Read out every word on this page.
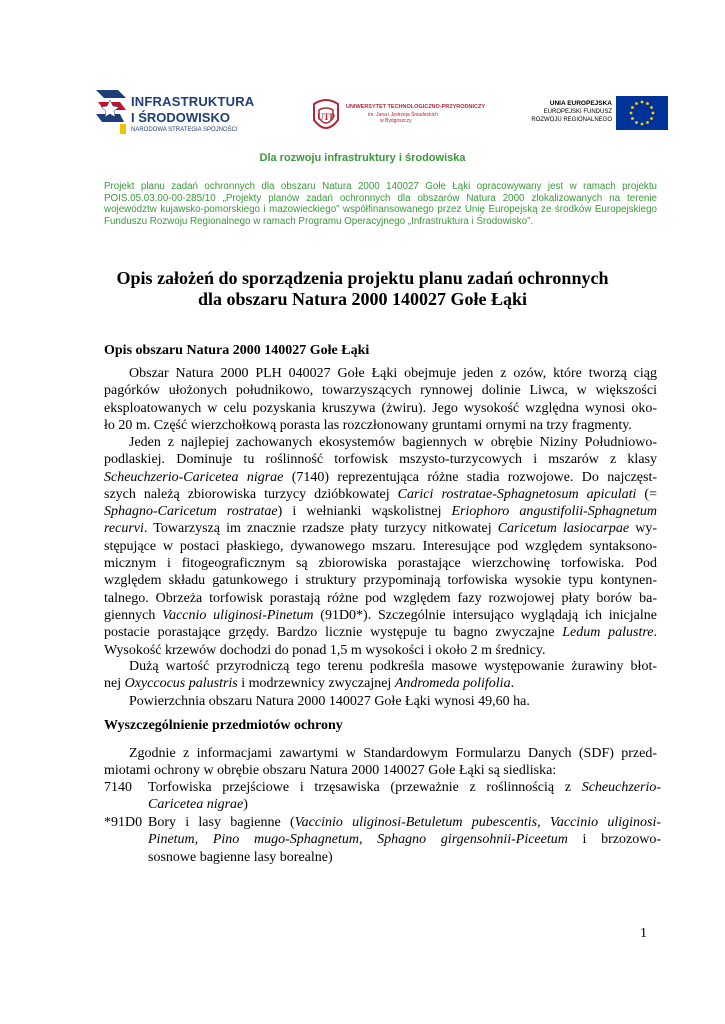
INFRASTRUKTURA
I ŚRODOWISKO
NARODOWA STRATEGIA SPÓJNOŚCI
UTP
UNIWERSYTET TECHNOLOGICZNO-PRZYRODNICZY
im. Jana i Jędrzeja Śniadeckich
w Bydgoszczy
UNIA EUROPEJSKA
EUROPEJSKI FUNDUSZ
ROZWOJU REGIONALNEGO
Dla rozwoju infrastruktury i środowiska
Projekt planu zadań ochronnych dla obszaru Natura 2000 140027 Gołe Łąki opracowywany jest w ramach projektu
POIS.05.03.00-00-285/10 „Projekty planów zadań ochronnych dla obszarów Natura 2000 zlokalizowanych na terenie
województw kujawsko-pomorskiego i mazowieckiego” współfinansowanego przez Unię Europejską ze środków Europejskiego
Funduszu Rozwoju Regionalnego w ramach Programu Operacyjnego „Infrastruktura i Środowisko”.
Opis założeń do sporządzenia projektu planu zadań ochronnych
dla obszaru Natura 2000 140027 Gołe Łąki
Opis obszaru Natura 2000 140027 Gołe Łąki
Obszar Natura 2000 PLH 040027 Gołe Łąki obejmuje jeden z ozów, które tworzą ciąg
pagórków ułożonych południkowo, towarzyszących rynnowej dolinie Liwca, w większości
eksploatowanych w celu pozyskania kruszywa (żwiru). Jego wysokość względna wynosi oko-
ło 20 m. Część wierzchołkową porasta las rozczłonowany gruntami ornymi na trzy fragmenty.
Jeden z najlepiej zachowanych ekosystemów bagiennych w obrębie Niziny Południowo-
podlaskiej. Dominuje tu roślinność torfowisk mszysto-turzycowych i mszarów z klasy
Scheuchzerio-Caricetea nigrae (7140) reprezentująca różne stadia rozwojowe. Do najczęst-
szych należą zbiorowiska turzycy dzióbkowatej Carici rostratae-Sphagnetosum apiculati (=
Sphagno-Caricetum rostratae) i wełnianki wąskolistnej Eriophoro angustifolii-Sphagnetum
recurvi. Towarzyszą im znacznie rzadsze płaty turzycy nitkowatej Caricetum lasiocarpae wy-
stępujące w postaci płaskiego, dywanowego mszaru. Interesujące pod względem syntaksono-
micznym i fitogeograficznym są zbiorowiska porastające wierzchowinę torfowiska. Pod
względem składu gatunkowego i struktury przypominają torfowiska wysokie typu kontynen-
talnego. Obrzeża torfowisk porastają różne pod względem fazy rozwojowej płaty borów ba-
giennych Vaccnio uliginosi-Pinetum (91D0*). Szczególnie intersująco wyglądają ich inicjalne
postacie porastające grzędy. Bardzo licznie występuje tu bagno zwyczajne Ledum palustre.
Wysokość krzewów dochodzi do ponad 1,5 m wysokości i około 2 m średnicy.
Dużą wartość przyrodniczą tego terenu podkreśla masowe występowanie żurawiny błot-
nej Oxyccocus palustris i modrzewnicy zwyczajnej Andromeda polifolia.
Powierzchnia obszaru Natura 2000 140027 Gołe Łąki wynosi 49,60 ha.
Wyszczególnienie przedmiotów ochrony
Zgodnie z informacjami zawartymi w Standardowym Formularzu Danych (SDF) przed-
miotami ochrony w obrębie obszaru Natura 2000 140027 Gołe Łąki są siedliska:
7140 Torfowiska przejściowe i trzęsawiska (przeważnie z roślinnością z Scheuchzerio-
Caricetea nigrae)
*91D0 Bory i lasy bagienne (Vaccinio uliginosi-Betuletum pubescentis, Vaccinio uliginosi-
Pinetum, Pino mugo-Sphagnetum, Sphagno girgensohnii-Piceetum i brzozowo-
sosnowe bagienne lasy borealne)
1
